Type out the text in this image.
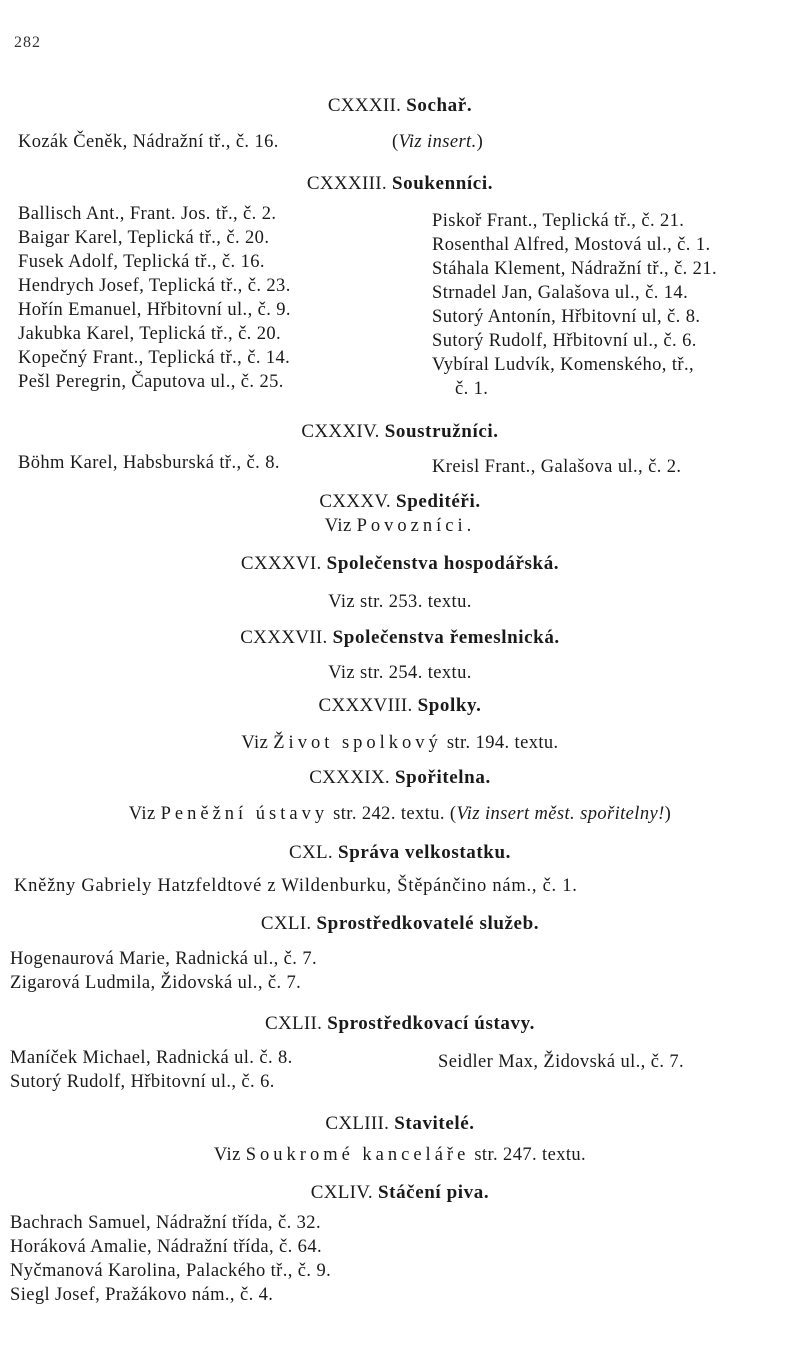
282
CXXXII. Sochař.
Kozák Čeněk, Nádražní tř., č. 16.	(Viz insert.)
CXXXIII. Soukenníci.
Ballisch Ant., Frant. Jos. tř., č. 2.
Baigar Karel, Teplická tř., č. 20.
Fusek Adolf, Teplická tř., č. 16.
Hendrych Josef, Teplická tř., č. 23.
Hořín Emanuel, Hřbitovní ul., č. 9.
Jakubka Karel, Teplická tř., č. 20.
Kopečný Frant., Teplická tř., č. 14.
Pešl Peregrin, Čaputova ul., č. 25.
Piskoř Frant., Teplická tř., č. 21.
Rosenthal Alfred, Mostová ul., č. 1.
Stáhala Klement, Nádražní tř., č. 21.
Strnadel Jan, Galašova ul., č. 14.
Sutorý Antonín, Hřbitovní ul, č. 8.
Sutorý Rudolf, Hřbitovní ul., č. 6.
Vybíral Ludvík, Komenského, tř.,
č. 1.
CXXXIV. Soustružníci.
Böhm Karel, Habsburská tř., č. 8.	Kreisl Frant., Galašova ul., č. 2.
CXXXV. Speditéři.
Viz Povozníci.
CXXXVI. Společenstva hospodářská.
Viz str. 253. textu.
CXXXVII. Společenstva řemeslnická.
Viz str. 254. textu.
CXXXVIII. Spolky.
Viz Život spolkový str. 194. textu.
CXXXIX. Spořitelna.
Viz Peněžní ústavy str. 242. textu. (Viz insert měst. spořitelny!)
CXL. Správa velkostatku.
Kněžny Gabriely Hatzfeldtové z Wildenburku, Štěpánčino nám., č. 1.
CXLI. Sprostředkovatelé služeb.
Hogenaurová Marie, Radnická ul., č. 7.
Zigarová Ludmila, Židovská ul., č. 7.
CXLII. Sprostředkovací ústavy.
Maníček Michael, Radnická ul. č. 8.	Seidler Max, Židovská ul., č. 7.
Sutorý Rudolf, Hřbitovní ul., č. 6.
CXLIII. Stavitelé.
Viz Soukromé kanceláře str. 247. textu.
CXLIV. Stáčení piva.
Bachrach Samuel, Nádražní třída, č. 32.
Horáková Amalie, Nádražní třída, č. 64.
Nyčmanová Karolina, Palackého tř., č. 9.
Siegl Josef, Pražákovo nám., č. 4.
